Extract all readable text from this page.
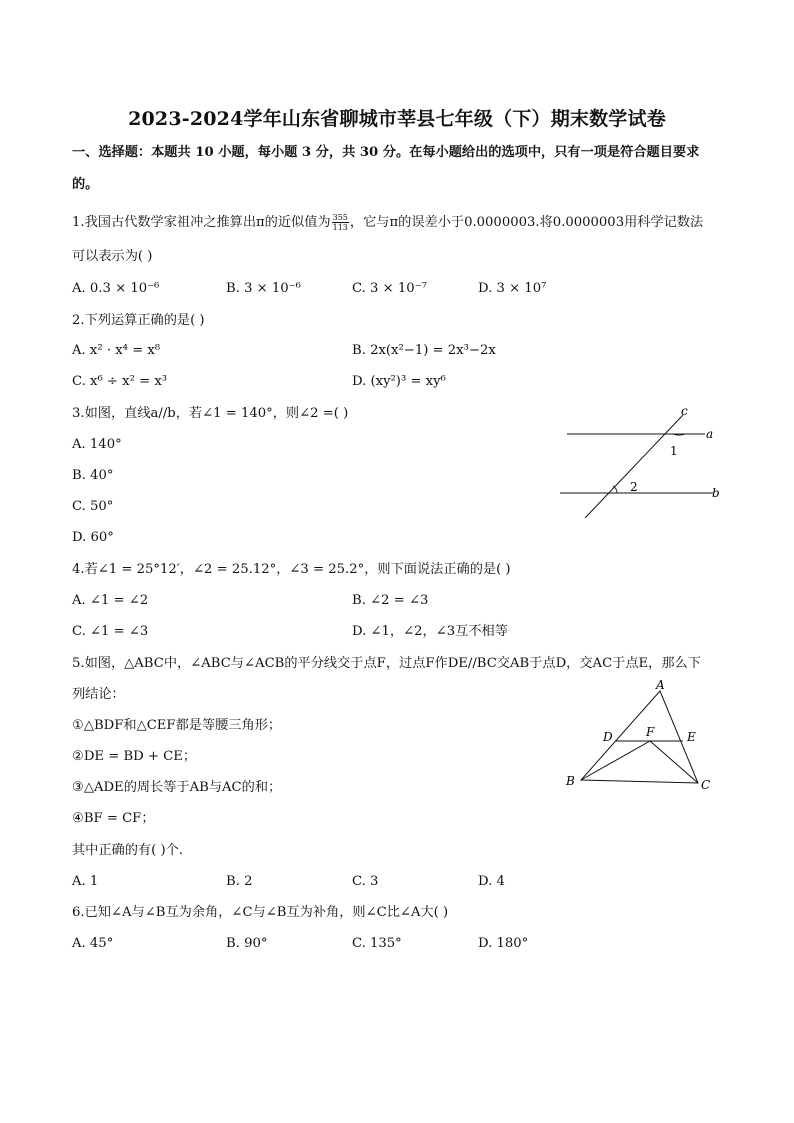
2023-2024学年山东省聊城市莘县七年级（下）期末数学试卷
一、选择题：本题共 10 小题，每小题 3 分，共 30 分。在每小题给出的选项中，只有一项是符合题目要求
的。
1.我国古代数学家祖冲之推算出π的近似值为 $\frac{355}{113}$ ，它与π的误差小于0.0000003.将0.0000003用科学记数法
可以表示为( )
A. 0.3 × 10⁻⁶	B. 3 × 10⁻⁶	C. 3 × 10⁻⁷	D. 3 × 10⁷
2.下列运算正确的是( )
A. x² · x⁴ = x⁸	B. 2x(x²−1) = 2x³−2x
C. x⁶ ÷ x² = x³	D. (xy²)³ = xy⁶
3.如图，直线a//b，若∠1 = 140°，则∠2 =( )
A. 140°
B. 40°
C. 50°
D. 60°
c
a
b
1
2
4.若∠1 = 25°12′，∠2 = 25.12°，∠3 = 25.2°，则下面说法正确的是( )
A. ∠1 = ∠2	B. ∠2 = ∠3
C. ∠1 = ∠3	D. ∠1，∠2，∠3互不相等
5.如图，△ABC中，∠ABC与∠ACB的平分线交于点F，过点F作DE//BC交AB于点D，交AC于点E，那么下
列结论：
①△BDF和△CEF都是等腰三角形；
②DE = BD + CE；
③△ADE的周长等于AB与AC的和；
④BF = CF；
其中正确的有( )个.
A. 1	B. 2	C. 3	D. 4
A
D	F	E
B	C
6.已知∠A与∠B互为余角，∠C与∠B互为补角，则∠C比∠A大( )
A. 45°	B. 90°	C. 135°	D. 180°
